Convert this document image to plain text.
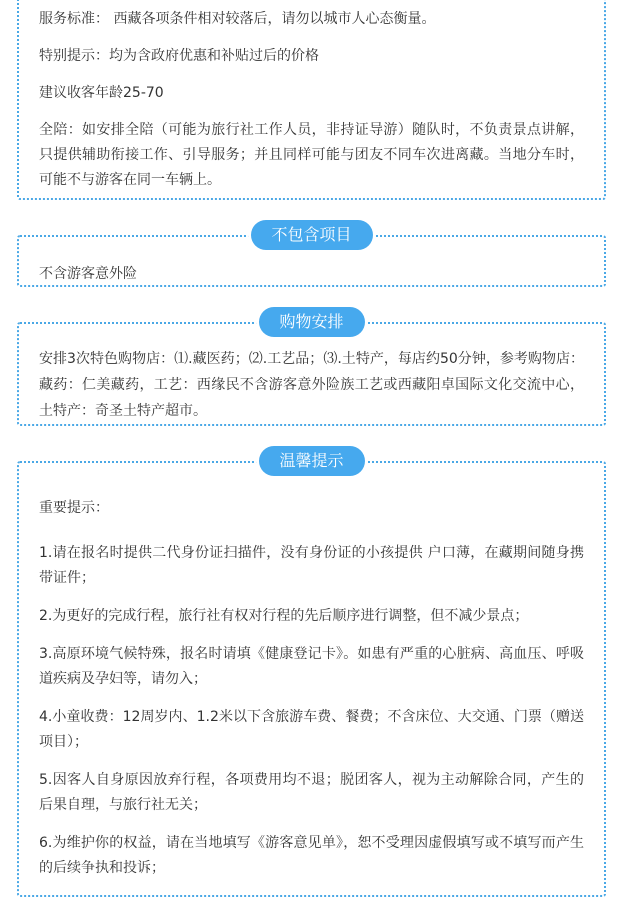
服务标准： 西藏各项条件相对较落后，请勿以城市人心态衡量。

特别提示：均为含政府优惠和补贴过后的价格

建议收客年龄25-70

全陪：如安排全陪（可能为旅行社工作人员，非持证导游）随队时，不负责景点讲解，只提供辅助衔接工作、引导服务；并且同样可能与团友不同车次进离藏。当地分车时，可能不与游客在同一车辆上。

不包含项目

不含游客意外险

购物安排

安排3次特色购物店：⑴.藏医药；⑵.工艺品；⑶.土特产，每店约50分钟，参考购物店：藏药：仁美藏药，工艺：西缘民不含游客意外险族工艺或西藏阳卓国际文化交流中心，土特产：奇圣土特产超市。

温馨提示

重要提示：

1.请在报名时提供二代身份证扫描件，没有身份证的小孩提供 户口薄，在藏期间随身携带证件；

2.为更好的完成行程，旅行社有权对行程的先后顺序进行调整，但不减少景点；

3.高原环境气候特殊，报名时请填《健康登记卡》。如患有严重的心脏病、高血压、呼吸道疾病及孕妇等，请勿入；

4.小童收费：12周岁内、1.2米以下含旅游车费、餐费；不含床位、大交通、门票（赠送项目）；

5.因客人自身原因放弃行程，各项费用均不退；脱团客人，视为主动解除合同，产生的后果自理，与旅行社无关；

6.为维护你的权益，请在当地填写《游客意见单》，恕不受理因虚假填写或不填写而产生的后续争执和投诉；
